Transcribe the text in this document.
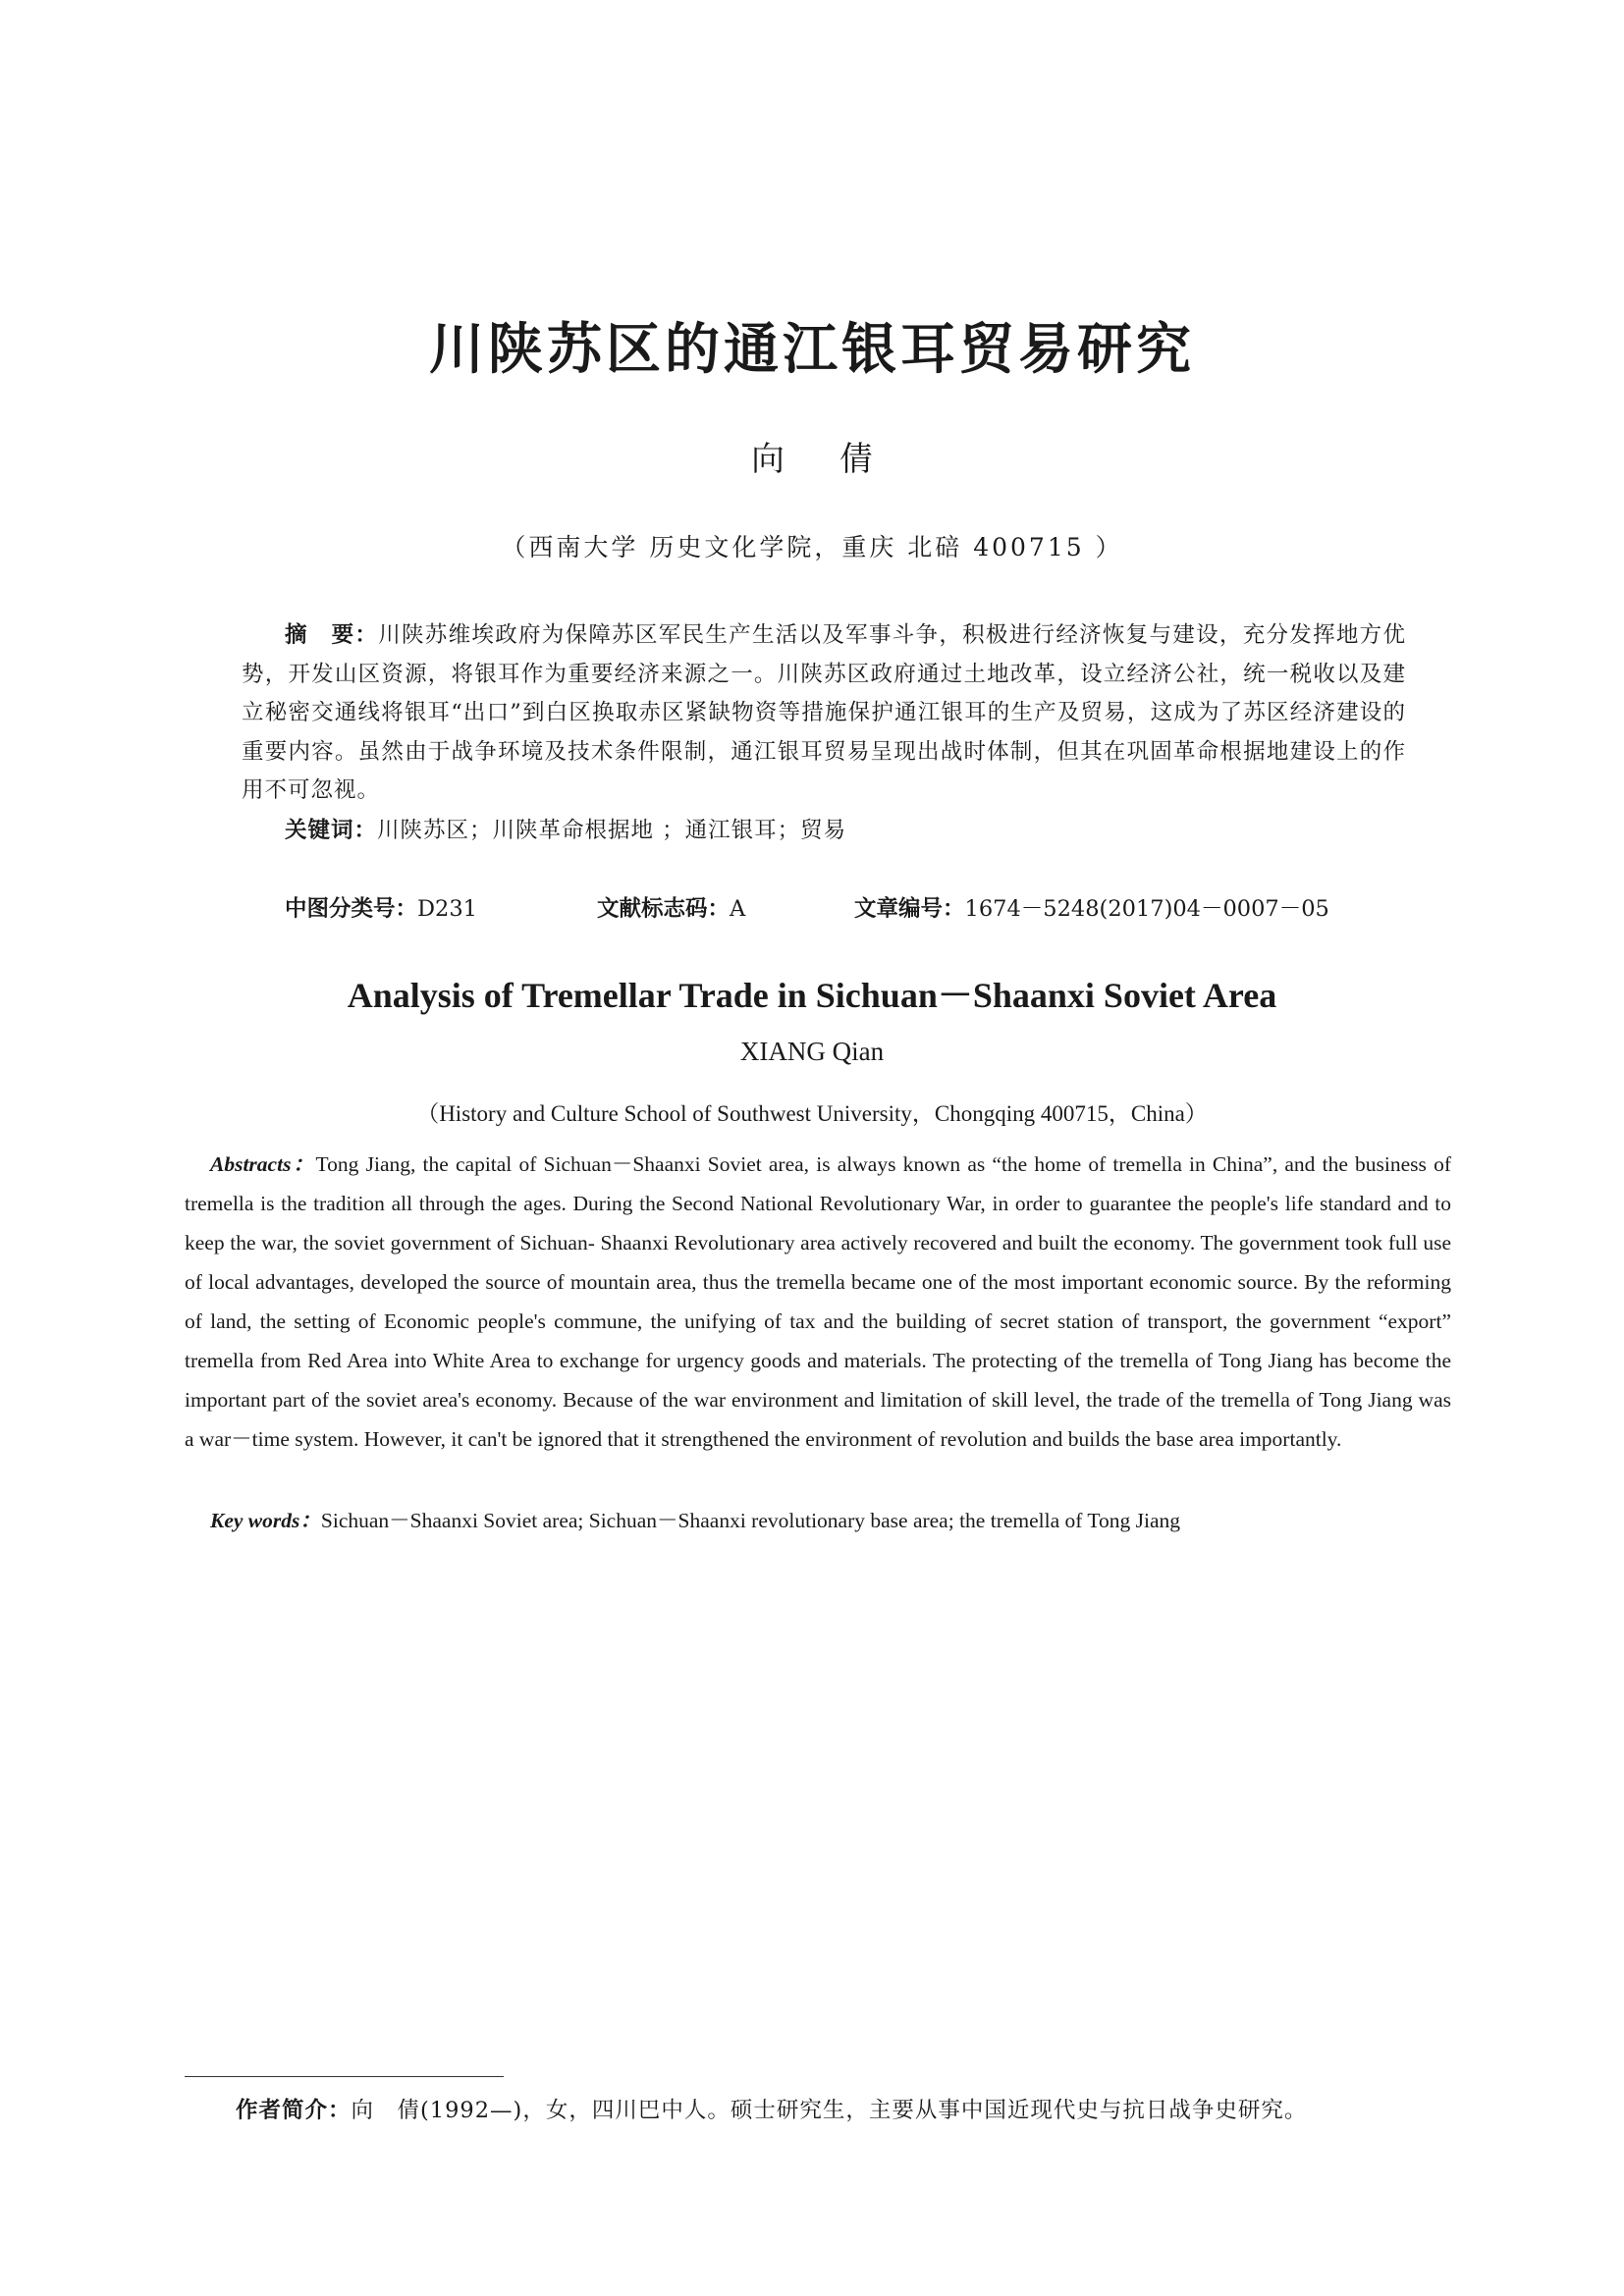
川陕苏区的通江银耳贸易研究
向 倩
（西南大学 历史文化学院，重庆 北碚 400715 ）
摘　要：川陕苏维埃政府为保障苏区军民生产生活以及军事斗争，积极进行经济恢复与建设，充分发挥地方优势，开发山区资源，将银耳作为重要经济来源之一。川陕苏区政府通过土地改革，设立经济公社，统一税收以及建立秘密交通线将银耳“出口”到白区换取赤区紧缺物资等措施保护通江银耳的生产及贸易，这成为了苏区经济建设的重要内容。虽然由于战争环境及技术条件限制，通江银耳贸易呈现出战时体制，但其在巩固革命根据地建设上的作用不可忽视。
关键词：川陕苏区；川陕革命根据地 ；通江银耳；贸易
中图分类号：D231	文献标志码：A	文章编号：1674－5248(2017)04－0007－05
Analysis of Tremellar Trade in Sichuan－Shaanxi Soviet Area
XIANG Qian
（History and Culture School of Southwest University，Chongqing 400715，China）
Abstracts：Tong Jiang, the capital of Sichuan－Shaanxi Soviet area, is always known as “the home of tremella in China”, and the business of tremella is the tradition all through the ages. During the Second National Revolutionary War, in order to guarantee the people's life standard and to keep the war, the soviet government of Sichuan- Shaanxi Revolutionary area actively recovered and built the economy. The government took full use of local advantages, developed the source of mountain area, thus the tremella became one of the most important economic source. By the reforming of land, the setting of Economic people's commune, the unifying of tax and the building of secret station of transport, the government “export” tremella from Red Area into White Area to exchange for urgency goods and materials. The protecting of the tremella of Tong Jiang has become the important part of the soviet area's economy. Because of the war environment and limitation of skill level, the trade of the tremella of Tong Jiang was a war－time system. However, it can't be ignored that it strengthened the environment of revolution and builds the base area importantly.
Key words：Sichuan－Shaanxi Soviet area; Sichuan－Shaanxi revolutionary base area; the tremella of Tong Jiang
作者简介：向　倩(1992—)，女，四川巴中人。硕士研究生，主要从事中国近现代史与抗日战争史研究。
